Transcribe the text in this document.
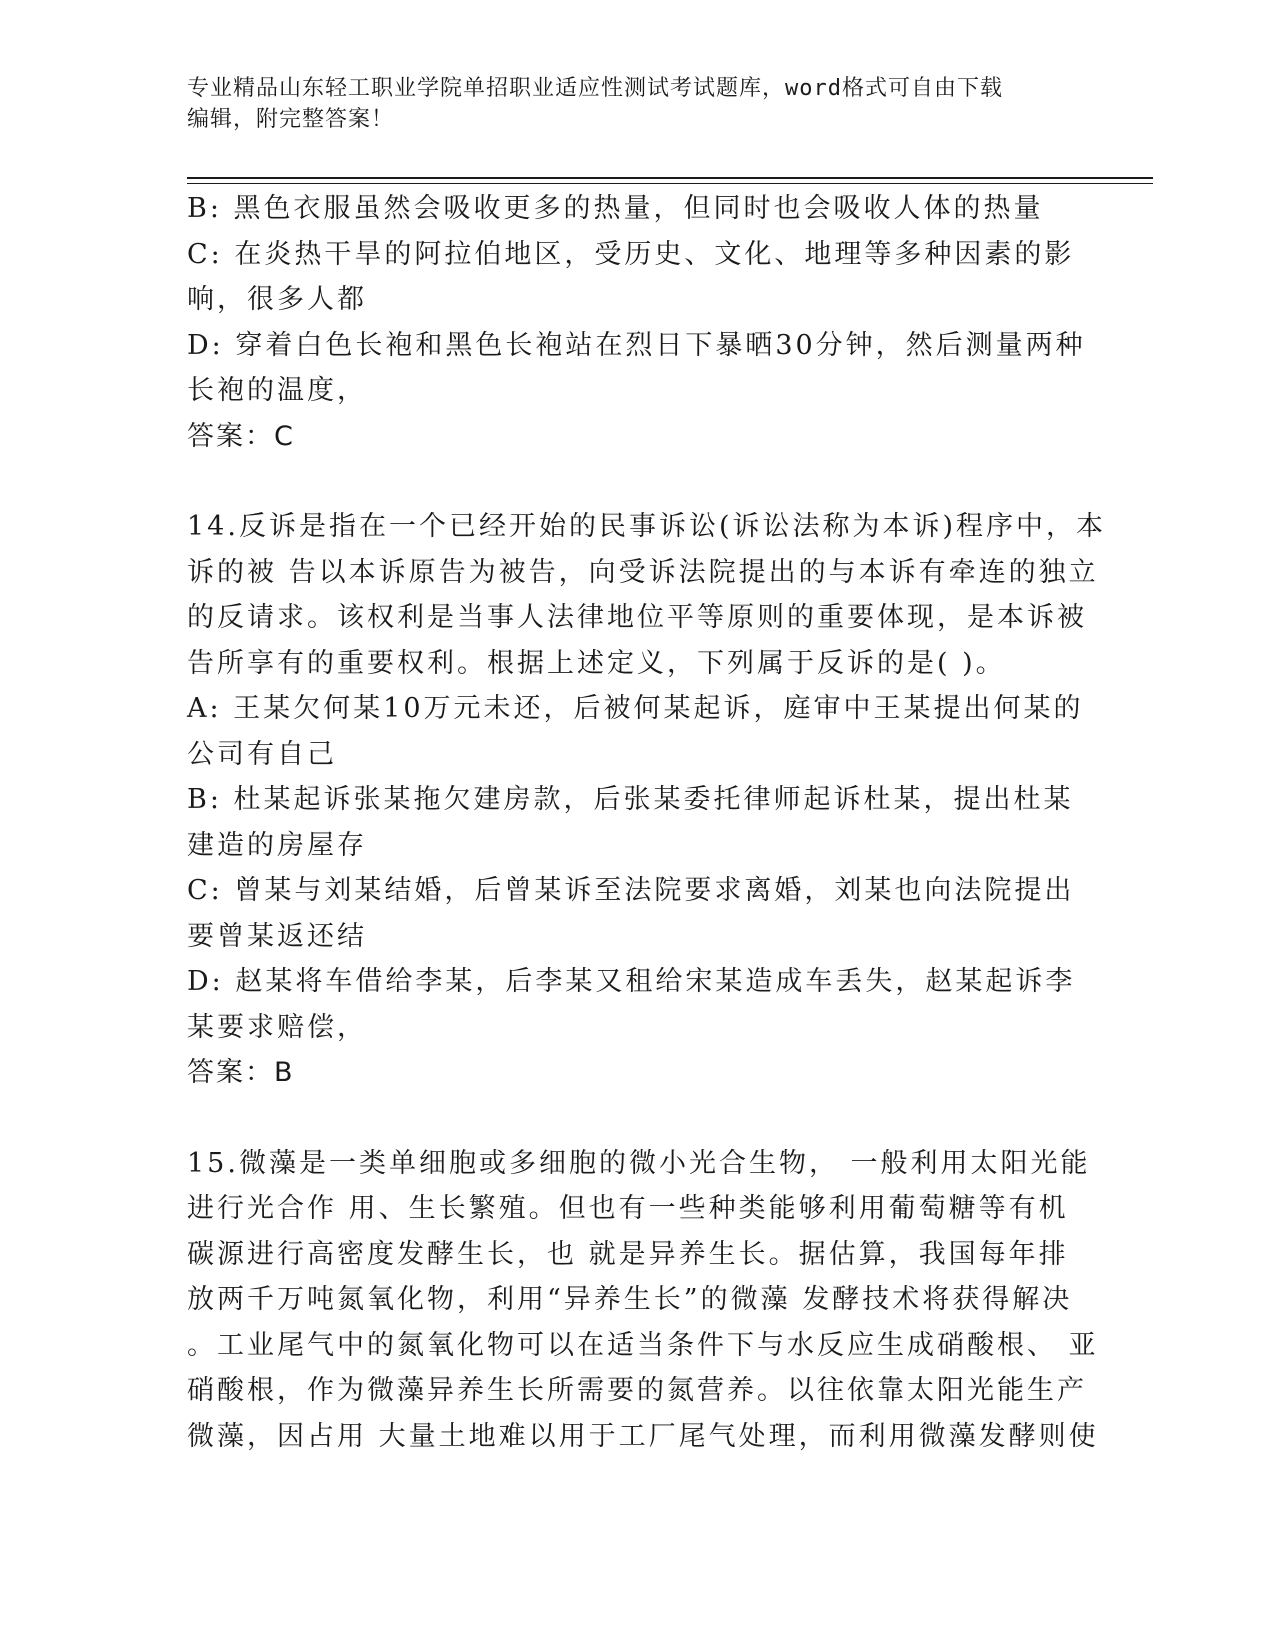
专业精品山东轻工职业学院单招职业适应性测试考试题库，word格式可自由下载
编辑，附完整答案！

B: 黑色衣服虽然会吸收更多的热量，但同时也会吸收人体的热量

C: 在炎热干旱的阿拉伯地区，受历史、文化、地理等多种因素的影

响，很多人都

D: 穿着白色长袍和黑色长袍站在烈日下暴晒30分钟，然后测量两种

长袍的温度，

答案：C

14.反诉是指在一个已经开始的民事诉讼(诉讼法称为本诉)程序中，本

诉的被 告以本诉原告为被告，向受诉法院提出的与本诉有牵连的独立

的反请求。该权利是当事人法律地位平等原则的重要体现，是本诉被

告所享有的重要权利。根据上述定义，下列属于反诉的是( )。

A: 王某欠何某10万元未还，后被何某起诉，庭审中王某提出何某的

公司有自己

B: 杜某起诉张某拖欠建房款，后张某委托律师起诉杜某，提出杜某

建造的房屋存

C: 曾某与刘某结婚，后曾某诉至法院要求离婚，刘某也向法院提出

要曾某返还结

D: 赵某将车借给李某，后李某又租给宋某造成车丢失，赵某起诉李

某要求赔偿，

答案：B

15.微藻是一类单细胞或多细胞的微小光合生物， 一般利用太阳光能

进行光合作 用、生长繁殖。但也有一些种类能够利用葡萄糖等有机

碳源进行高密度发酵生长，也 就是异养生长。据估算，我国每年排

放两千万吨氮氧化物，利用“异养生长”的微藻 发酵技术将获得解决

。工业尾气中的氮氧化物可以在适当条件下与水反应生成硝酸根、 亚

硝酸根，作为微藻异养生长所需要的氮营养。以往依靠太阳光能生产

微藻，因占用 大量土地难以用于工厂尾气处理，而利用微藻发酵则使
